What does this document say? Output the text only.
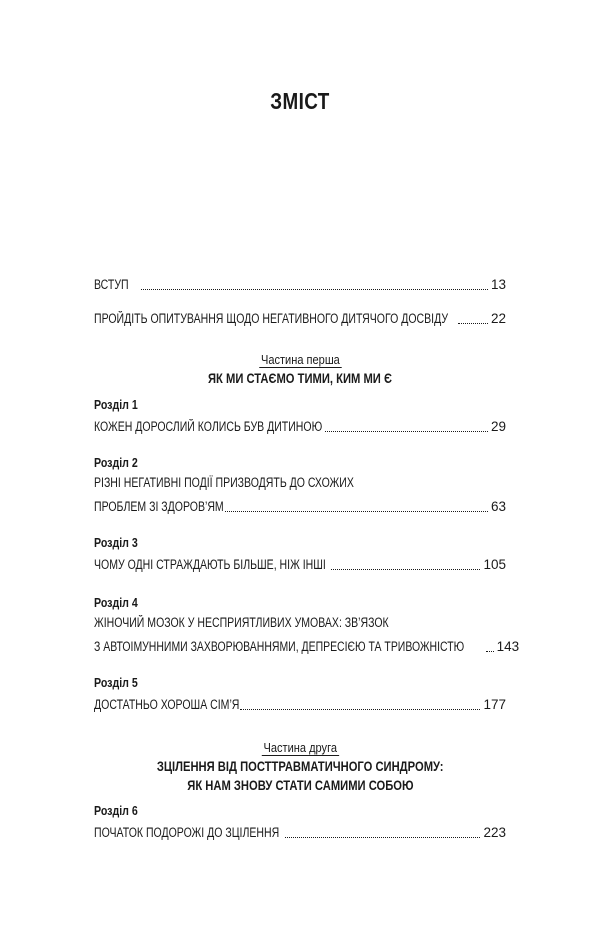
ЗМІСТ
ВСТУП	13
ПРОЙДІТЬ ОПИТУВАННЯ ЩОДО НЕГАТИВНОГО ДИТЯЧОГО ДОСВІДУ	22
Частина перша
ЯК МИ СТАЄМО ТИМИ, КИМ МИ Є
Розділ 1
КОЖЕН ДОРОСЛИЙ КОЛИСЬ БУВ ДИТИНОЮ	29
Розділ 2
РІЗНІ НЕГАТИВНІ ПОДІЇ ПРИЗВОДЯТЬ ДО СХОЖИХ
ПРОБЛЕМ ЗІ ЗДОРОВ’ЯМ	63
Розділ 3
ЧОМУ ОДНІ СТРАЖДАЮТЬ БІЛЬШЕ, НІЖ ІНШІ	105
Розділ 4
ЖІНОЧИЙ МОЗОК У НЕСПРИЯТЛИВИХ УМОВАХ: ЗВ’ЯЗОК
З АВТОІМУННИМИ ЗАХВОРЮВАННЯМИ, ДЕПРЕСІЄЮ ТА ТРИВОЖНІСТЮ 143
Розділ 5
ДОСТАТНЬО ХОРОША СІМ’Я	177
Частина друга
ЗЦІЛЕННЯ ВІД ПОСТТРАВМАТИЧНОГО СИНДРОМУ:
ЯК НАМ ЗНОВУ СТАТИ САМИМИ СОБОЮ
Розділ 6
ПОЧАТОК ПОДОРОЖІ ДО ЗЦІЛЕННЯ	223
